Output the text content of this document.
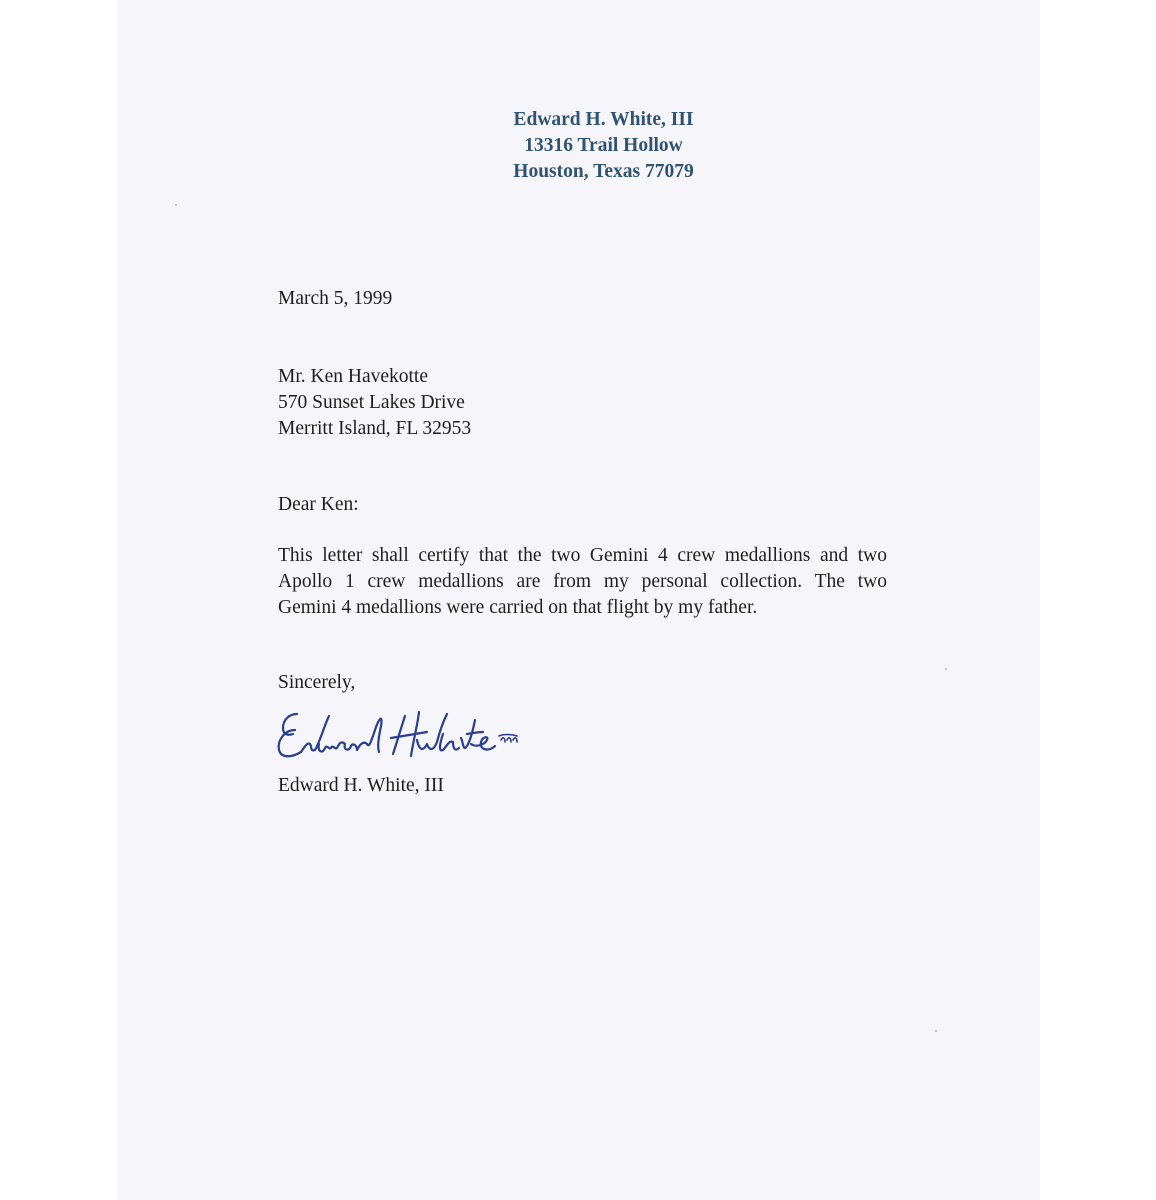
Edward H. White, III
13316 Trail Hollow
Houston, Texas 77079
March 5, 1999
Mr. Ken Havekotte
570 Sunset Lakes Drive
Merritt Island, FL 32953
Dear Ken:
This letter shall certify that the two Gemini 4 crew medallions and two
Apollo 1 crew medallions are from my personal collection. The two
Gemini 4 medallions were carried on that flight by my father.
Sincerely,
Edward H. White, III
